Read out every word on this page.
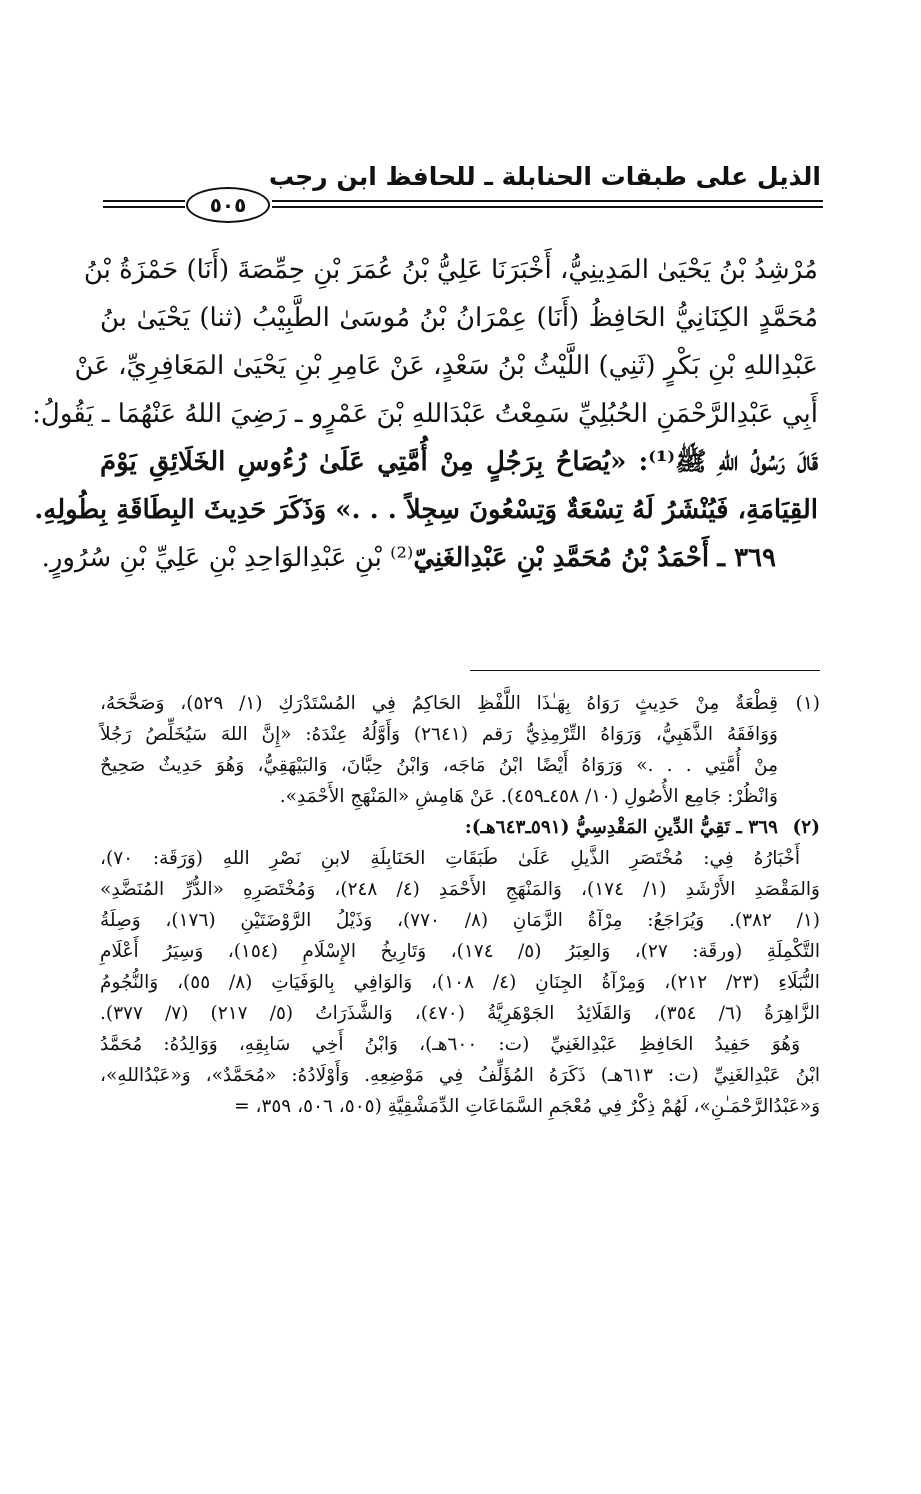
الذيل على طبقات الحنابلة ـ للحافظ ابن رجب
٥٠٥
مُرْشِدُ بْنُ يَحْيَىٰ المَدِينِيُّ، أَخْبَرَنَا عَلِيُّ بْنُ عُمَرَ بْنِ حِمِّصَةَ (أَنَا) حَمْزَةُ بْنُ
مُحَمَّدٍ الكِنَانِيُّ الحَافِظُ (أَنَا) عِمْرَانُ بْنُ مُوسَىٰ الطَّبِيْبُ (ثنا) يَحْيَىٰ بنُ
عَبْدِاللهِ بْنِ بَكْرٍ (ثَنِي) اللَّيْثُ بْنُ سَعْدٍ، عَنْ عَامِرِ بْنِ يَحْيَىٰ المَعَافِرِيِّ، عَنْ
أَبِي عَبْدِالرَّحْمَنِ الحُبُلِيِّ سَمِعْتُ عَبْدَاللهِ بْنَ عَمْرٍو ـ رَضِيَ اللهُ عَنْهُمَا ـ يَقُولُ:
قَالَ رَسُولُ اللهِ ﷺ⁽¹⁾: «يُصَاحُ بِرَجُلٍ مِنْ أُمَّتِي عَلَىٰ رُءُوسِ الخَلَائِقِ يَوْمَ
القِيَامَةِ، فَيُنْشَرُ لَهُ تِسْعَةٌ وَتِسْعُونَ سِجِلاً . . .» وَذَكَرَ حَدِيثَ البِطَاقَةِ بِطُولِهِ.
٣٦٩ ـ أَحْمَدُ بْنُ مُحَمَّدِ بْنِ عَبْدِالغَنِيّ⁽²⁾ بْنِ عَبْدِالوَاحِدِ بْنِ عَلِيِّ بْنِ سُرُورٍ.
(١)قِطْعَةٌ مِنْ حَدِيثٍ رَوَاهُ بِهَـٰذَا اللَّفْظِ الحَاكِمُ فِي المُسْتَدْرَكِ (١/ ٥٢٩)، وَصَحَّحَهُ،
وَوَافَقَهُ الذَّهَبِيُّ، وَرَوَاهُ التِّرْمِذِيُّ رَقم (٢٦٤١) وَأَوَّلُهُ عِنْدَهُ: «إِنَّ اللهَ سَيُخَلِّصُ رَجُلاً
مِنْ أُمَّتِي . . .» وَرَوَاهُ أَيْضًا ابْنُ مَاجَه، وَابْنُ حِبَّانَ، وَالبَيْهَقِيُّ، وَهُوَ حَدِيثٌ صَحِيحٌ
وَانْظُرْ: جَامِع الأُصُولِ (١٠/ ٤٥٨ـ٤٥٩). عَنْ هَامِشِ «المَنْهَجِ الأَحْمَدِ».
(٢)٣٦٩ ـ تَقِيُّ الدِّينِ المَقْدِسِيُّ (٥٩١ـ٦٤٣هـ):
أَخْبَارُهُ فِي: مُخْتَصَرِ الذَّيلِ عَلَىٰ طَبَقَاتِ الحَنَابِلَةِ لابنِ نَصْرِ اللهِ (وَرَقَة: ٧٠)،
وَالمَقْصَدِ الأَرْشَدِ (١/ ١٧٤)، وَالمَنْهَجِ الأَحْمَدِ (٤/ ٢٤٨)، وَمُخْتَصَرِهِ «الدُّرِّ المُنَضَّدِ»
(١/ ٣٨٢). وَيُرَاجَعُ: مِرْآةُ الزَّمَانِ (٨/ ٧٧٠)، وَذَيْلُ الرَّوْضَتَيْنِ (١٧٦)، وَصِلَةُ
التَّكْمِلَةِ (ورقَة: ٢٧)، وَالعِبَرُ (٥/ ١٧٤)، وَتَارِيخُ الإِسْلَامِ (١٥٤)، وَسِيَرُ أَعْلَامِ
النُّبَلَاءِ (٢٣/ ٢١٢)، وَمِرْآةُ الجِنَانِ (٤/ ١٠٨)، وَالوَافِي بِالوَفَيَاتِ (٨/ ٥٥)، وَالنُّجُومُ
الزَّاهِرَةُ (٦/ ٣٥٤)، وَالقَلَائِدُ الجَوْهَرِيَّةُ (٤٧٠)، وَالشَّذَرَاتُ (٥/ ٢١٧) (٧/ ٣٧٧).
وَهُوَ حَفِيدُ الحَافِظِ عَبْدِالغَنِيِّ (ت: ٦٠٠هـ)، وَابْنُ أَخِي سَابِقِهِ، وَوَالِدُهُ: مُحَمَّدُ
ابْنُ عَبْدِالغَنِيِّ (ت: ٦١٣هـ) ذَكَرَهُ المُؤَلِّفُ فِي مَوْضِعِهِ. وَأَوْلَادُهُ: «مُحَمَّدٌ»، وَ«عَبْدُاللهِ»،
وَ«عَبْدُالرَّحْمَـٰنِ»، لَهُمْ ذِكْرٌ فِي مُعْجَمِ السَّمَاعَاتِ الدِّمَشْقِيَّةِ (٥٠٥، ٥٠٦، ٣٥٩، =
